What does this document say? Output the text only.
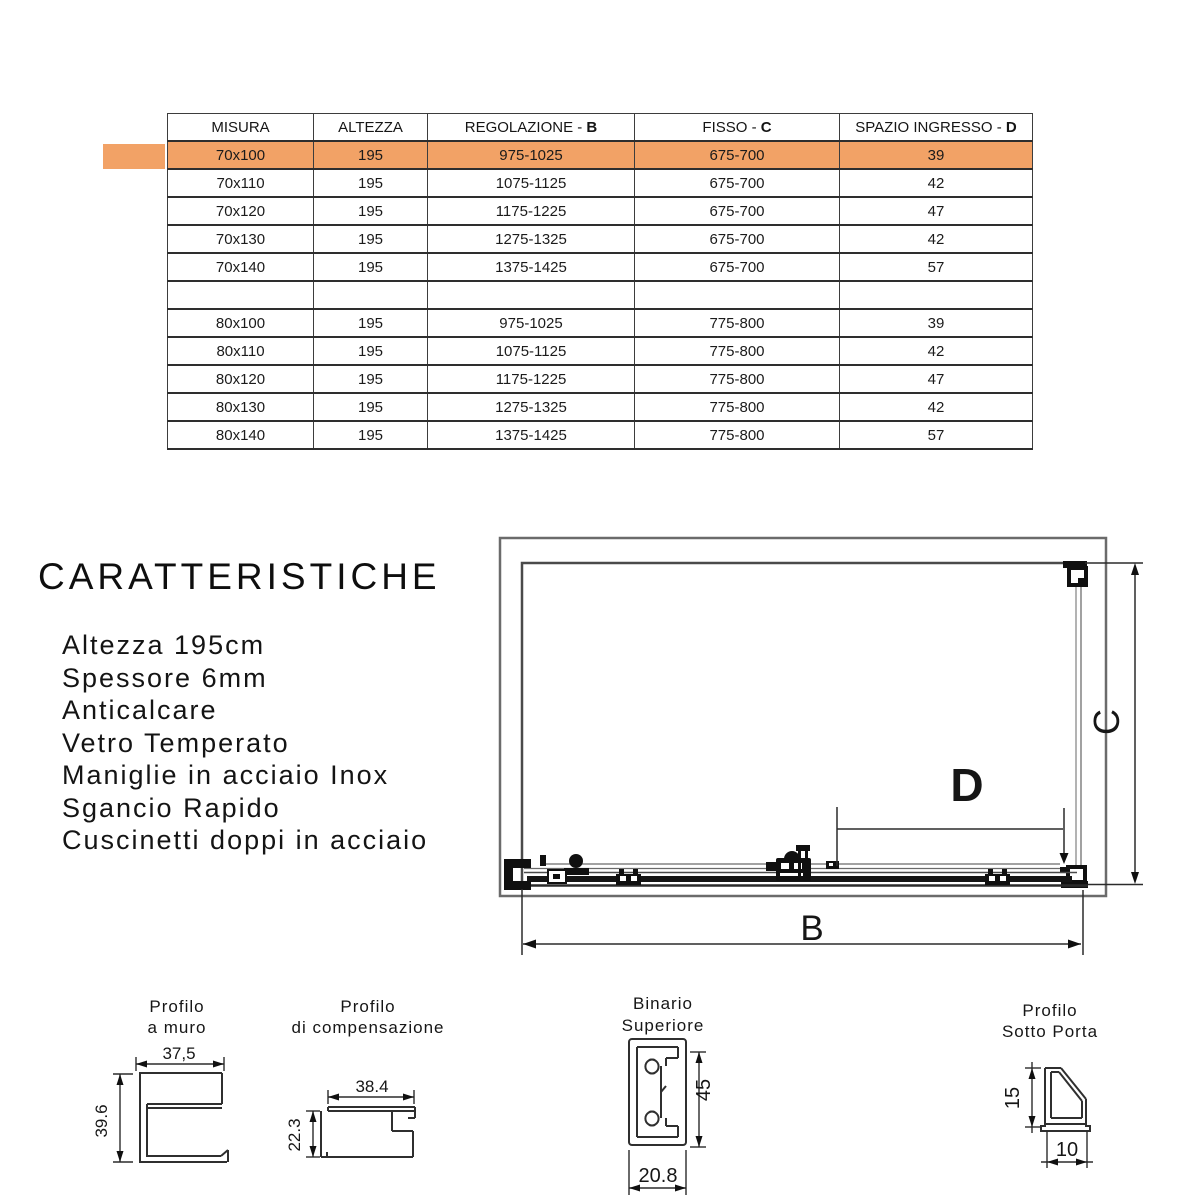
MISURA	ALTEZZA	REGOLAZIONE - B	FISSO - C	SPAZIO INGRESSO - D
70x100	195	975-1025	675-700	39
70x110	195	1075-1125	675-700	42
70x120	195	1175-1225	675-700	47
70x130	195	1275-1325	675-700	42
70x140	195	1375-1425	675-700	57

80x100	195	975-1025	775-800	39
80x110	195	1075-1125	775-800	42
80x120	195	1175-1225	775-800	47
80x130	195	1275-1325	775-800	42
80x140	195	1375-1425	775-800	57
CARATTERISTICHE
Altezza 195cm
Spessore 6mm
Anticalcare
Vetro Temperato
Maniglie in acciaio Inox
Sgancio Rapido
Cuscinetti doppi in acciaio
D
C
B
Profilo
a muro
37,5
39.6
Profilo
di compensazione
38.4
22.3
Binario
Superiore
45
20.8
Profilo
Sotto Porta
15
10
